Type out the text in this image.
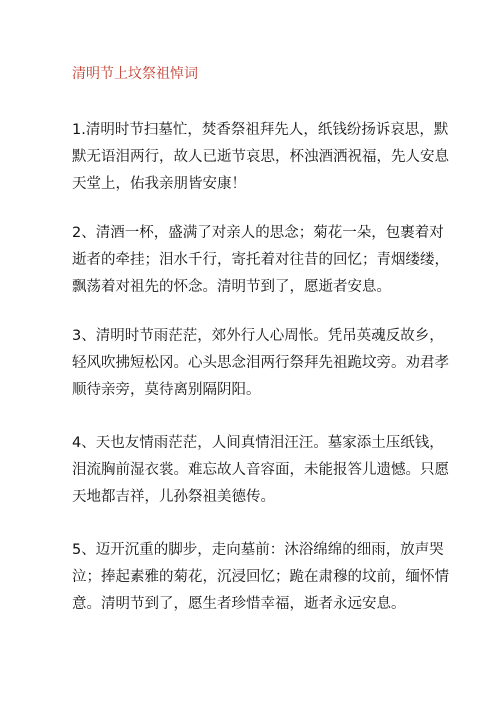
清明节上坟祭祖悼词

1.清明时节扫墓忙，焚香祭祖拜先人，纸钱纷扬诉哀思，默默无语泪两行，故人已逝节哀思，杯浊酒洒祝福，先人安息天堂上，佑我亲朋皆安康！

2、清酒一杯，盛满了对亲人的思念；菊花一朵，包裹着对逝者的牵挂；泪水千行，寄托着对往昔的回忆；青烟缕缕，飘荡着对祖先的怀念。清明节到了，愿逝者安息。

3、清明时节雨茫茫，郊外行人心周怅。凭吊英魂反故乡，轻风吹拂短松冈。心头思念泪两行祭拜先祖跪坟旁。劝君孝顺待亲旁，莫待离别隔阴阳。

4、天也友情雨茫茫，人间真情泪汪汪。墓家添土压纸钱，泪流胸前湿衣裳。难忘故人音容面，未能报答儿遗憾。只愿天地都吉祥，儿孙祭祖美德传。

5、迈开沉重的脚步，走向墓前：沐浴绵绵的细雨，放声哭泣；捧起素雅的菊花，沉浸回忆；跪在肃穆的坟前，缅怀情意。清明节到了，愿生者珍惜幸福，逝者永远安息。
